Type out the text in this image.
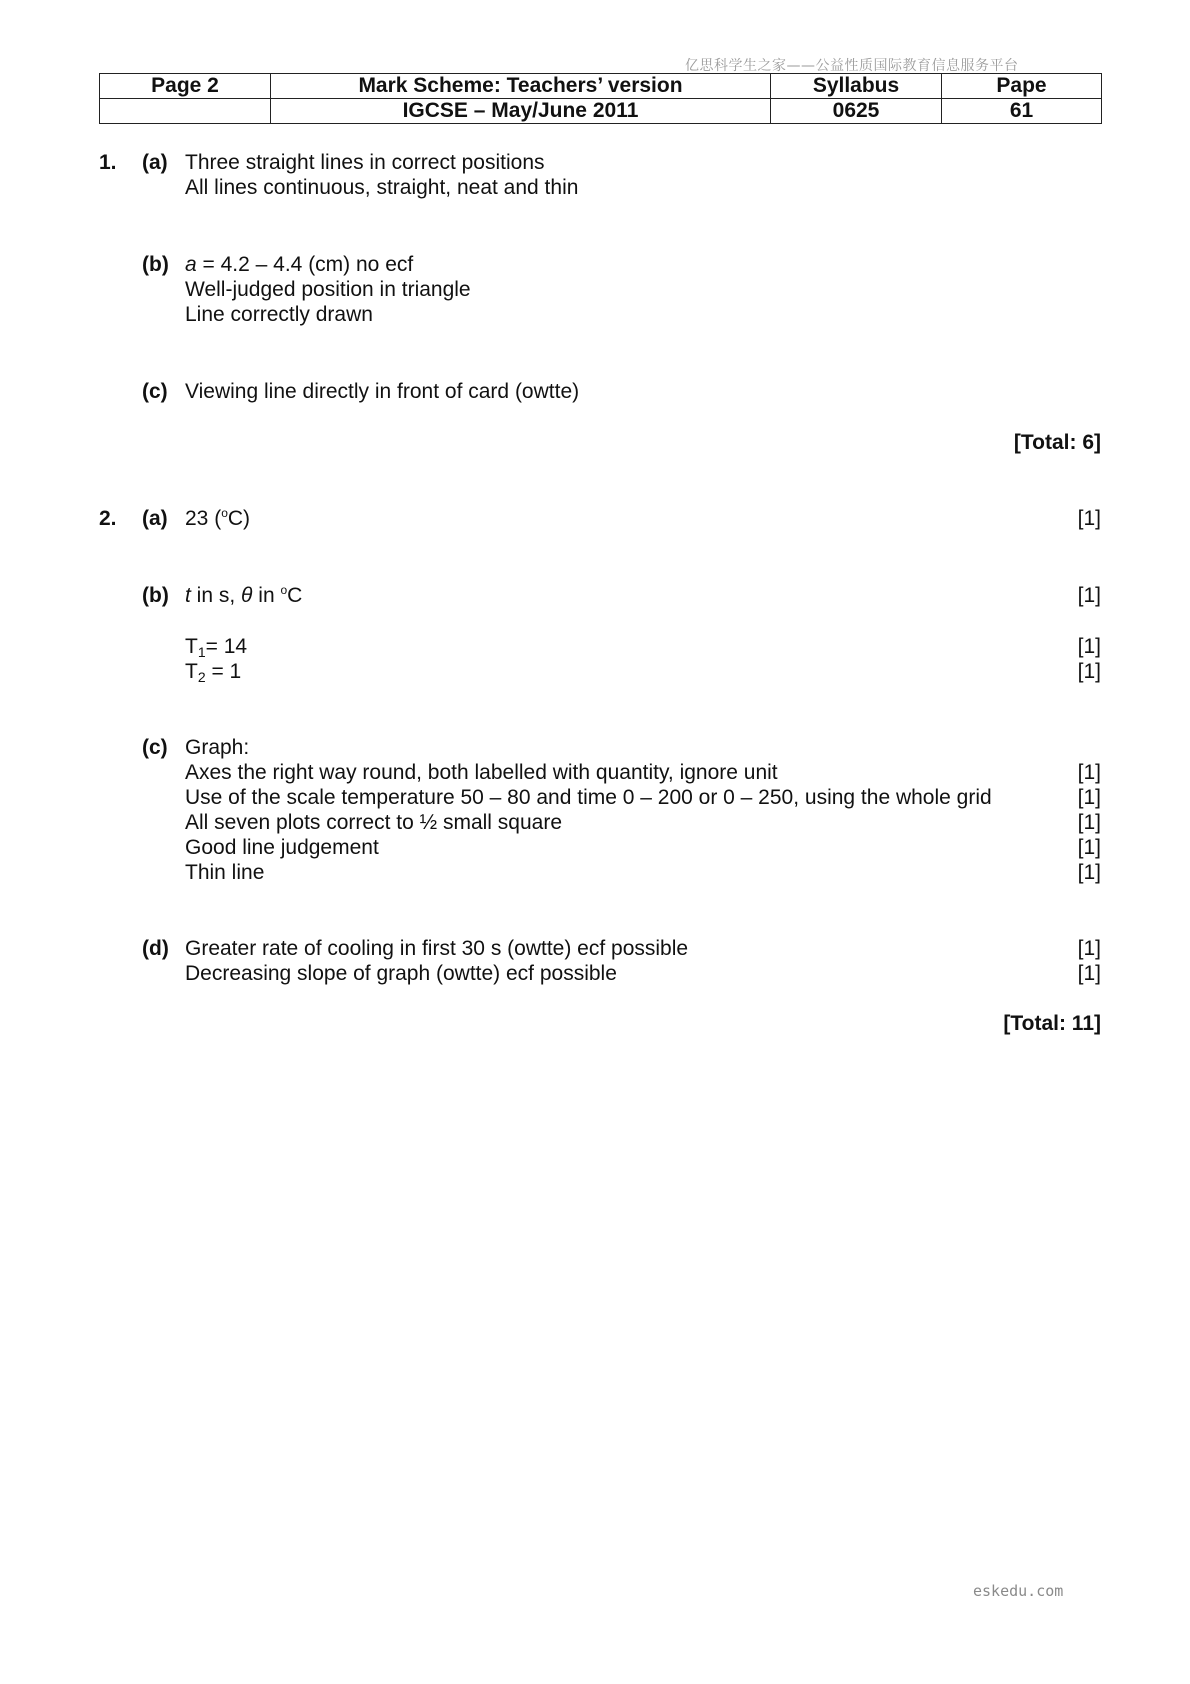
亿思科学生之家——公益性质国际教育信息服务平台
Page 2	Mark Scheme: Teachers’ version	Syllabus	Pape
	IGCSE – May/June 2011	0625	61
1. (a) Three straight lines in correct positions
All lines continuous, straight, neat and thin
(b) a = 4.2 – 4.4 (cm) no ecf
Well-judged position in triangle
Line correctly drawn
(c) Viewing line directly in front of card (owtte)
[Total: 6]
2. (a) 23 ($^o$C)	[1]
(b) t in s, θ in $^o$C	[1]
$T_1= 14$	[1]
$T_2 = 1$	[1]
(c) Graph:
Axes the right way round, both labelled with quantity, ignore unit	[1]
Use of the scale temperature 50 – 80 and time 0 – 200 or 0 – 250, using the whole grid	[1]
All seven plots correct to ½ small square	[1]
Good line judgement	[1]
Thin line	[1]
(d) Greater rate of cooling in first 30 s (owtte) ecf possible	[1]
Decreasing slope of graph (owtte) ecf possible	[1]
[Total: 11]
eskedu.com
